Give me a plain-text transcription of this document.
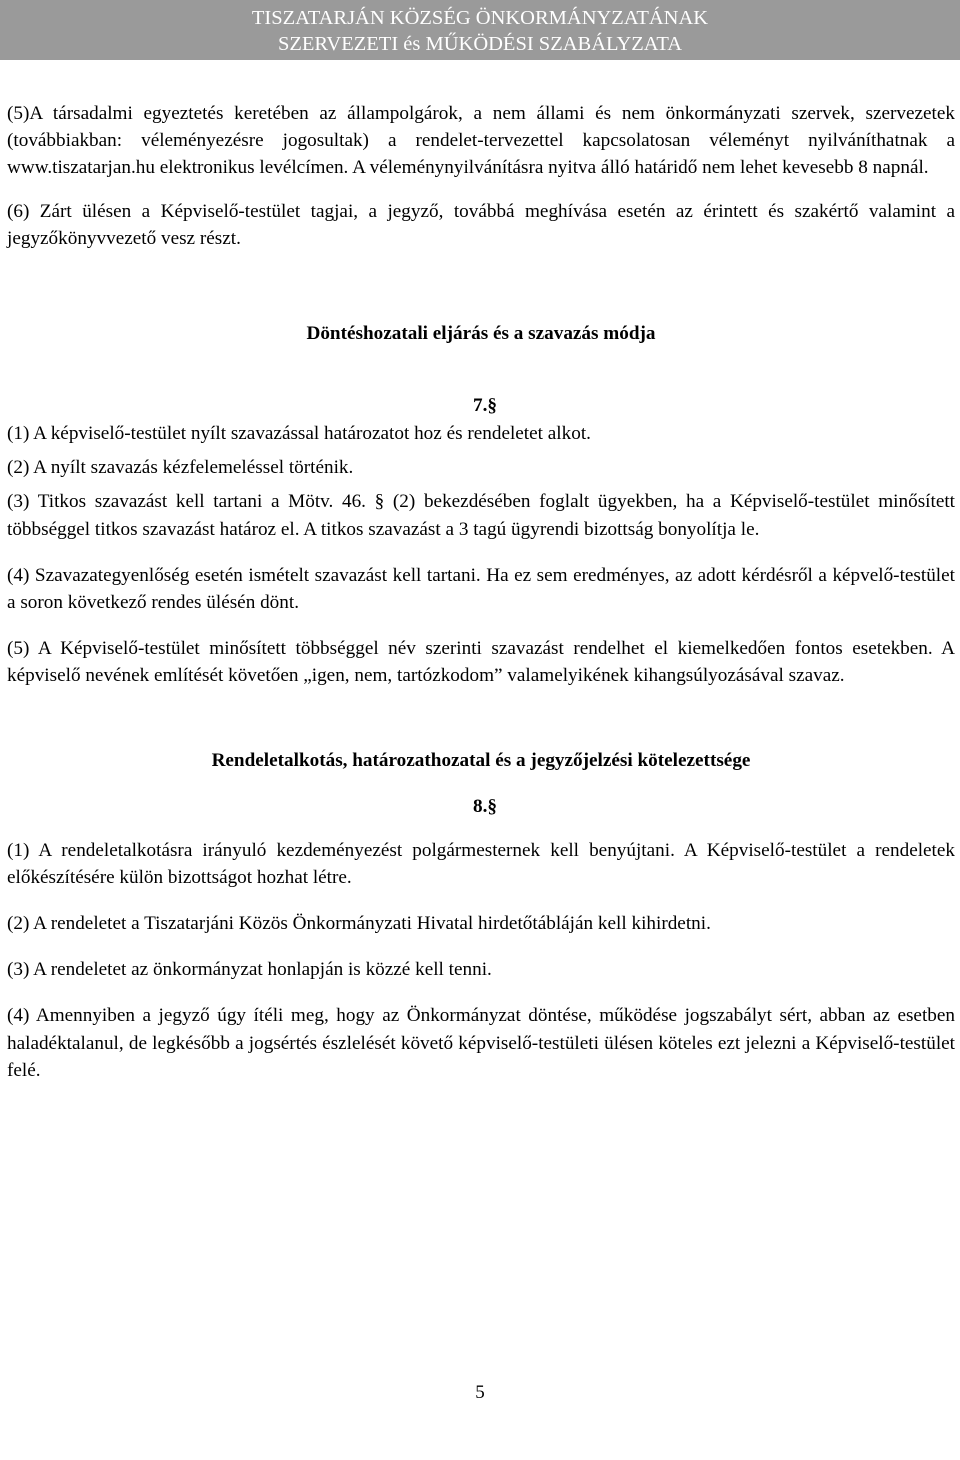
TISZATARJÁN KÖZSÉG ÖNKORMÁNYZATÁNAK
SZERVEZETI és MŰKÖDÉSI SZABÁLYZATA

(5)A társadalmi egyeztetés keretében az állampolgárok, a nem állami és nem önkormányzati szervek, szervezetek (továbbiakban: véleményezésre jogosultak) a rendelet-tervezettel kapcsolatosan véleményt nyilváníthatnak a www.tiszatarjan.hu elektronikus levélcímen. A véleménynyilvánításra nyitva álló határidő nem lehet kevesebb 8 napnál.

(6) Zárt ülésen a Képviselő-testület tagjai, a jegyző, továbbá meghívása esetén az érintett és szakértő valamint a jegyzőkönyvvezető vesz részt.

Döntéshozatali eljárás és a szavazás módja
7.§

(1) A képviselő-testület nyílt szavazással határozatot hoz és rendeletet alkot.

(2) A nyílt szavazás kézfelemeléssel történik.

(3) Titkos szavazást kell tartani a Mötv. 46. § (2) bekezdésében foglalt ügyekben, ha a Képviselő-testület minősített többséggel titkos szavazást határoz el. A titkos szavazást a 3 tagú ügyrendi bizottság bonyolítja le.

(4) Szavazategyenlőség esetén ismételt szavazást kell tartani. Ha ez sem eredményes, az adott kérdésről a képvelő-testület a soron következő rendes ülésén dönt.

(5) A Képviselő-testület minősített többséggel név szerinti szavazást rendelhet el kiemelkedően fontos esetekben. A képviselő nevének említését követően „igen, nem, tartózkodom” valamelyikének kihangsúlyozásával szavaz.

Rendeletalkotás, határozathozatal és a jegyzőjelzési kötelezettsége
8.§

(1) A rendeletalkotásra irányuló kezdeményezést polgármesternek kell benyújtani. A Képviselő-testület a rendeletek előkészítésére külön bizottságot hozhat létre.

(2) A rendeletet a Tiszatarjáni Közös Önkormányzati Hivatal hirdetőtábláján kell kihirdetni.

(3) A rendeletet az önkormányzat honlapján is közzé kell tenni.

(4) Amennyiben a jegyző úgy ítéli meg, hogy az Önkormányzat döntése, működése jogszabályt sért, abban az esetben haladéktalanul, de legkésőbb a jogsértés észlelését követő képviselő-testületi ülésen köteles ezt jelezni a Képviselő-testület felé.

5
